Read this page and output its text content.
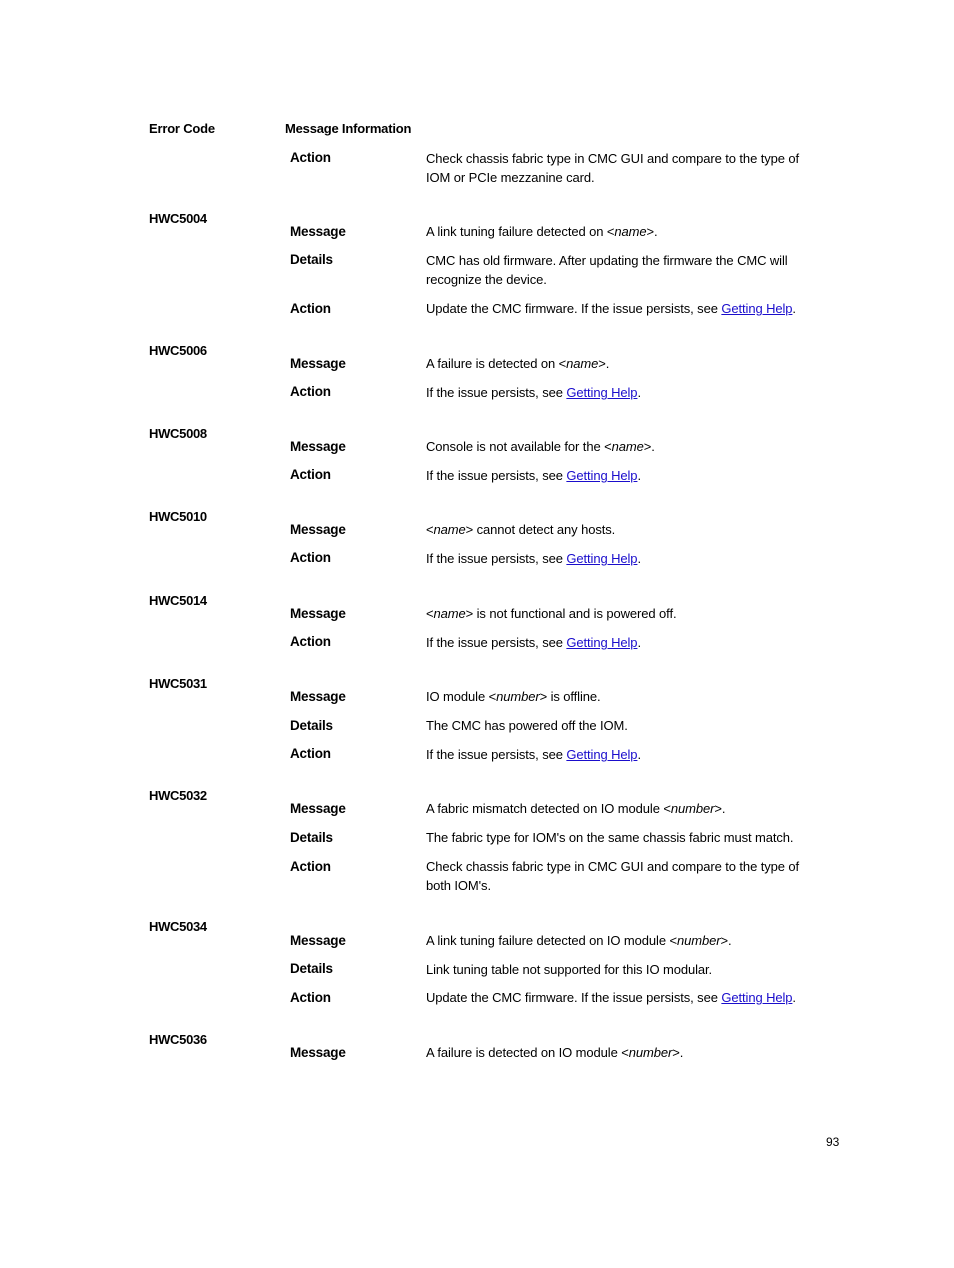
Error Code	Message Information
Action	Check chassis fabric type in CMC GUI and compare to the type of IOM or PCIe mezzanine card.
HWC5004
Message	A link tuning failure detected on <name>.
Details	CMC has old firmware. After updating the firmware the CMC will recognize the device.
Action	Update the CMC firmware. If the issue persists, see Getting Help.
HWC5006
Message	A failure is detected on <name>.
Action	If the issue persists, see Getting Help.
HWC5008
Message	Console is not available for the <name>.
Action	If the issue persists, see Getting Help.
HWC5010
Message	<name> cannot detect any hosts.
Action	If the issue persists, see Getting Help.
HWC5014
Message	<name> is not functional and is powered off.
Action	If the issue persists, see Getting Help.
HWC5031
Message	IO module <number> is offline.
Details	The CMC has powered off the IOM.
Action	If the issue persists, see Getting Help.
HWC5032
Message	A fabric mismatch detected on IO module <number>.
Details	The fabric type for IOM's on the same chassis fabric must match.
Action	Check chassis fabric type in CMC GUI and compare to the type of both IOM's.
HWC5034
Message	A link tuning failure detected on IO module <number>.
Details	Link tuning table not supported for this IO modular.
Action	Update the CMC firmware. If the issue persists, see Getting Help.
HWC5036
Message	A failure is detected on IO module <number>.
93
